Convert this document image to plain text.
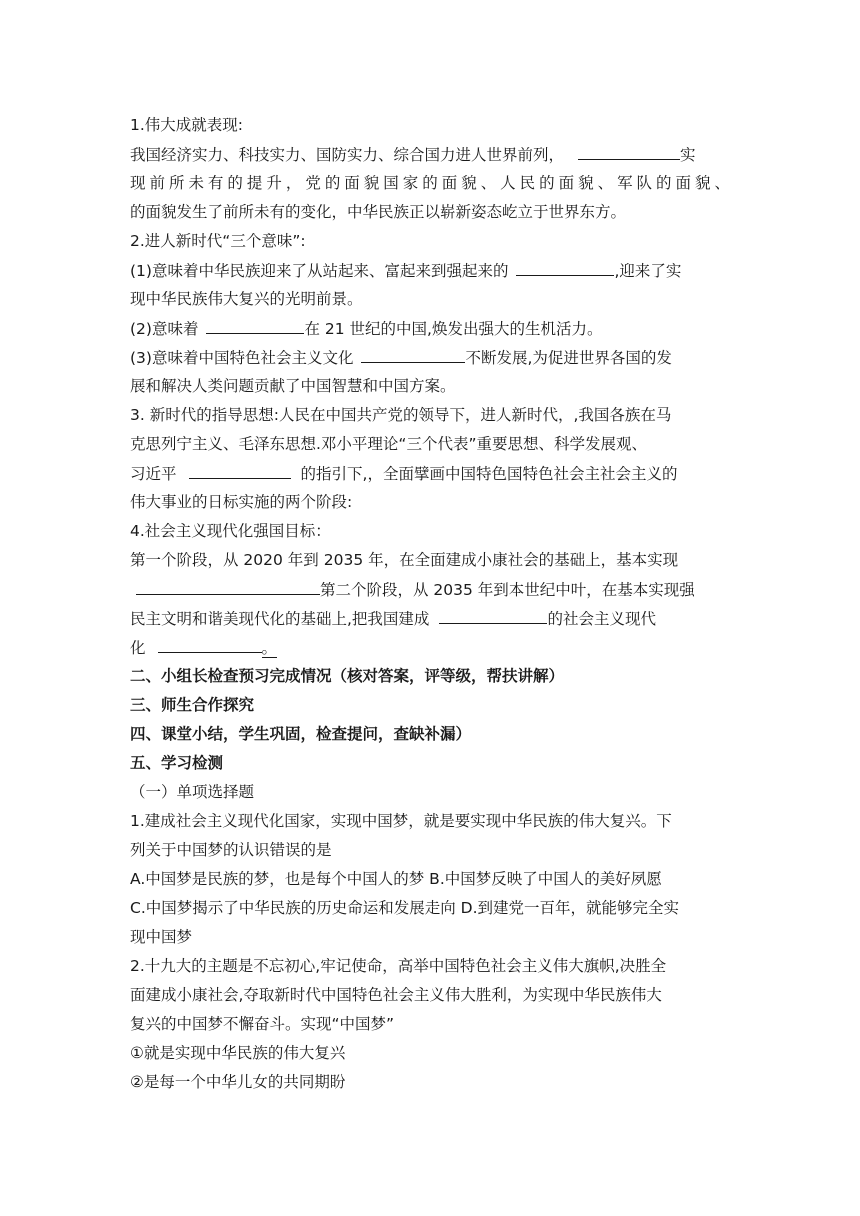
1.伟大成就表现:
我国经济实力、科技实力、国防实力、综合国力进人世界前列，	实
现前所未有的提升，党的面貌国家的面貌、人民的面貌、军队的面貌、
的面貌发生了前所未有的变化，中华民族正以崭新姿态屹立于世界东方。
2.进人新时代“三个意味”:
(1)意味着中华民族迎来了从站起来、富起来到强起来的	,迎来了实
现中华民族伟大复兴的光明前景。
(2)意味着	在 21 世纪的中国,焕发出强大的生机活力。
(3)意味着中国特色社会主义文化	不断发展,为促进世界各国的发
展和解决人类问题贡献了中国智慧和中国方案。
3. 新时代的指导思想:人民在中国共产党的领导下，进人新时代，,我国各族在马
克思列宁主义、毛泽东思想.邓小平理论“三个代表”重要思想、科学发展观、
习近平	的指引下,，全面擘画中国特色国特色社会主社会主义的
伟大事业的日标实施的两个阶段:
4.社会主义现代化强国目标：
第一个阶段，从 2020 年到 2035 年，在全面建成小康社会的基础上，基本实现
第二个阶段，从 2035 年到本世纪中叶，在基本实现强
民主文明和谐美现代化的基础上,把我国建成	的社会主义现代
化	。
二、小组长检查预习完成情况（核对答案，评等级，帮扶讲解）
三、师生合作探究
四、课堂小结，学生巩固，检查提问，查缺补漏）
五、学习检测
（一）单项选择题
1.建成社会主义现代化国家，实现中国梦，就是要实现中华民族的伟大复兴。下
列关于中国梦的认识错误的是
A.中国梦是民族的梦，也是每个中国人的梦 B.中国梦反映了中国人的美好夙愿
C.中国梦揭示了中华民族的历史命运和发展走向 D.到建党一百年，就能够完全实
现中国梦
2.十九大的主题是不忘初心,牢记使命，高举中国特色社会主义伟大旗帜,决胜全
面建成小康社会,夺取新时代中国特色社会主义伟大胜利，为实现中华民族伟大
复兴的中国梦不懈奋斗。实现“中国梦”
①就是实现中华民族的伟大复兴
②是每一个中华儿女的共同期盼
